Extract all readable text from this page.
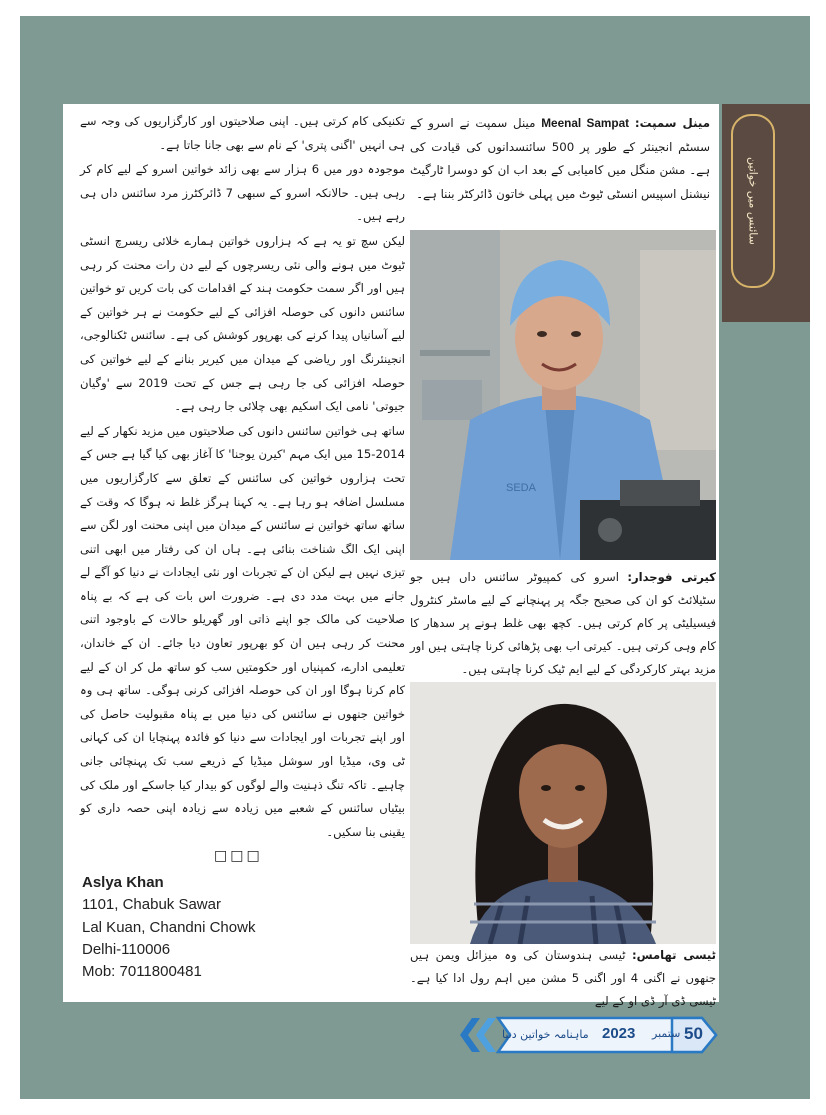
سائنس میں خواتین

مینل سمپت: Meenal Sampat مینل سمپت نے اسرو کے سسٹم انجینئر کے طور پر 500 سائنسدانوں کی قیادت کی ہے۔ مشن منگل میں کامیابی کے بعد اب ان کو دوسرا ٹارگیٹ نیشنل اسپیس انسٹی ٹیوٹ میں پہلی خاتون ڈائرکٹر بننا ہے۔

SEDA

کیرتی فوجدار: اسرو کی کمپیوٹر سائنس داں ہیں جو سٹیلائٹ کو ان کی صحیح جگہ پر پہنچانے کے لیے ماسٹر کنٹرول فیسیلیٹی پر کام کرتی ہیں۔ کچھ بھی غلط ہونے پر سدھار کا کام وہی کرتی ہیں۔ کیرتی اب بھی پڑھائی کرنا چاہتی ہیں اور مزید بہتر کارکردگی کے لیے ایم ٹیک کرنا چاہتی ہیں۔

ٹیسی تھامس: ٹیسی ہندوستان کی وہ میزائل ویمن ہیں جنھوں نے اگنی 4 اور اگنی 5 مشن میں اہم رول ادا کیا ہے۔ ٹیسی ڈی آر ڈی او کے لیے

تکنیکی کام کرتی ہیں۔ اپنی صلاحیتوں اور کارگزاریوں کی وجہ سے ہی انہیں 'اگنی پتری' کے نام سے بھی جانا جاتا ہے۔

موجودہ دور میں 6 ہزار سے بھی زائد خواتین اسرو کے لیے کام کر رہی ہیں۔ حالانکہ اسرو کے سبھی 7 ڈائرکٹرز مرد سائنس داں ہی رہے ہیں۔

لیکن سچ تو یہ ہے کہ ہزاروں خواتین ہمارے خلائی ریسرچ انسٹی ٹیوٹ میں ہونے والی نئی ریسرچوں کے لیے دن رات محنت کر رہی ہیں اور اگر سمت حکومت ہند کے اقدامات کی بات کریں تو خواتین سائنس دانوں کی حوصلہ افزائی کے لیے حکومت نے ہر خواتین کے لیے آسانیاں پیدا کرنے کی بھرپور کوشش کی ہے۔ سائنس ٹکنالوجی، انجینئرنگ اور ریاضی کے میدان میں کیریر بنانے کے لیے خواتین کی حوصلہ افزائی کی جا رہی ہے جس کے تحت 2019 سے 'وگیان جیوتی' نامی ایک اسکیم بھی چلائی جا رہی ہے۔

ساتھ ہی خواتین سائنس دانوں کی صلاحیتوں میں مزید نکھار کے لیے 2014-15 میں ایک مہم 'کیرن یوجنا' کا آغاز بھی کیا گیا ہے جس کے تحت ہزاروں خواتین کی سائنس کے تعلق سے کارگزاریوں میں مسلسل اضافہ ہو رہا ہے۔ یہ کہنا ہرگز غلط نہ ہوگا کہ وقت کے ساتھ ساتھ خواتین نے سائنس کے میدان میں اپنی محنت اور لگن سے اپنی ایک الگ شناخت بنائی ہے۔ ہاں ان کی رفتار میں ابھی اتنی تیزی نہیں ہے لیکن ان کے تجربات اور نئی ایجادات نے دنیا کو آگے لے جانے میں بہت مدد دی ہے۔ ضرورت اس بات کی ہے کہ بے پناہ صلاحیت کی مالک جو اپنے ذاتی اور گھریلو حالات کے باوجود اتنی محنت کر رہی ہیں ان کو بھرپور تعاون دیا جائے۔ ان کے خاندان، تعلیمی ادارے، کمپنیاں اور حکومتیں سب کو ساتھ مل کر ان کے لیے کام کرنا ہوگا اور ان کی حوصلہ افزائی کرنی ہوگی۔ ساتھ ہی وہ خواتین جنھوں نے سائنس کی دنیا میں بے پناہ مقبولیت حاصل کی اور اپنے تجربات اور ایجادات سے دنیا کو فائدہ پہنچایا ان کی کہانی ٹی وی، میڈیا اور سوشل میڈیا کے ذریعے سب تک پہنچائی جانی چاہیے۔ تاکہ تنگ ذہنیت والے لوگوں کو بیدار کیا جاسکے اور ملک کی بیٹیاں سائنس کے شعبے میں زیادہ سے زیادہ اپنی حصہ داری کو یقینی بنا سکیں۔

□□□
Aslya Khan
1101, Chabuk Sawar
Lal Kuan, Chandni Chowk
Delhi-110006
Mob: 7011800481
ماہنامہ خواتین دنیا 2023 ستمبر 50
